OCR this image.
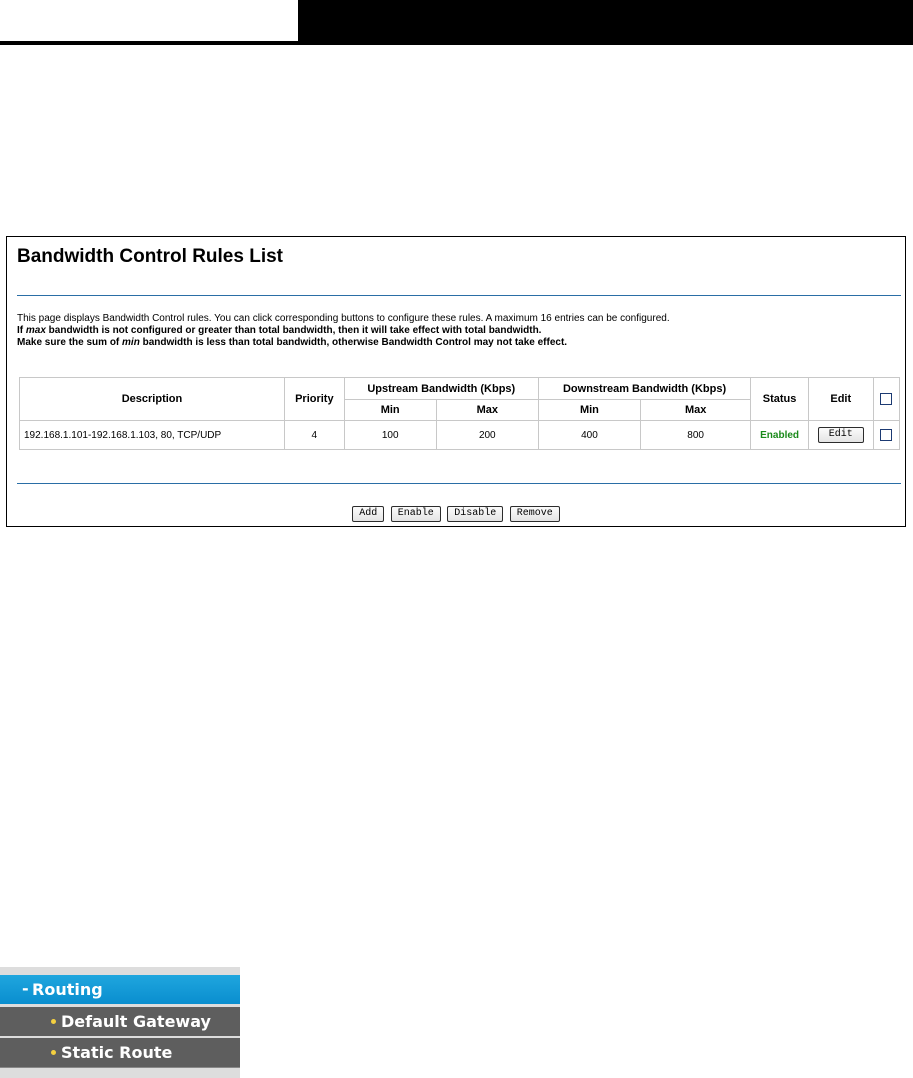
Bandwidth Control Rules List
This page displays Bandwidth Control rules. You can click corresponding buttons to configure these rules. A maximum 16 entries can be configured.
If max bandwidth is not configured or greater than total bandwidth, then it will take effect with total bandwidth.
Make sure the sum of min bandwidth is less than total bandwidth, otherwise Bandwidth Control may not take effect.
Description	Priority	Upstream Bandwidth (Kbps)		Downstream Bandwidth (Kbps)		Status	Edit	
		Min	Max	Min	Max			
192.168.1.101-192.168.1.103, 80, TCP/UDP	4	100	200	400	800	Enabled	Edit	
Add Enable Disable Remove
- Routing
Default Gateway
Static Route
